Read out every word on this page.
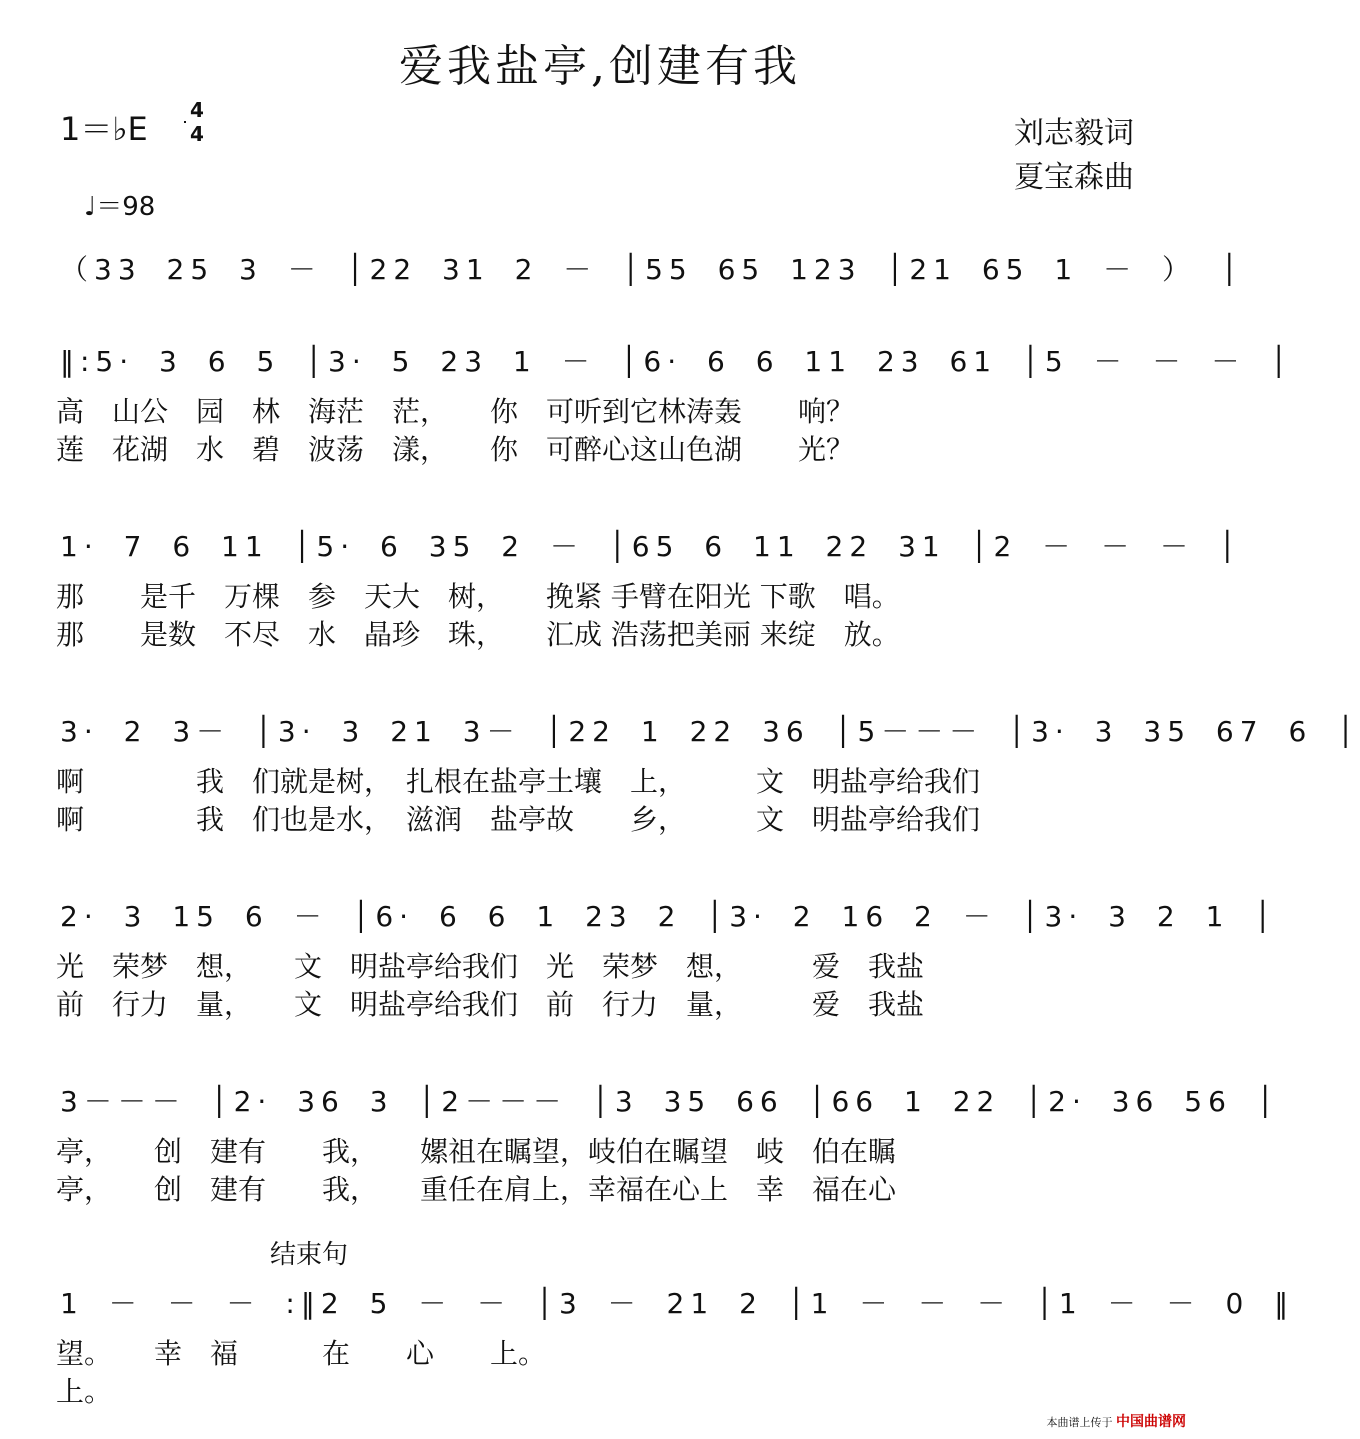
爱我盐亭,创建有我
1＝♭E	4
4	刘志毅词
夏宝森曲
♩＝98
（33 25 3 － │22 31 2 － │55 65 123 │21 65 1 － ） │
‖:5· 3 6 5 │3· 5 23 1 － │6· 6 6 11 23 61 │5 － － － │
高　山公　园　林　海茫　茫，　　你　可听到它林涛轰　　响？
莲　花湖　水　碧　波荡　漾，　　你　可醉心这山色湖　　光？
1· 7 6 11 │5· 6 35 2 － │65 6 11 22 31 │2 － － － │
那　　是千　万棵　参　天大　树，　　挽紧 手臂在阳光 下歌　唱。
那　　是数　不尽　水　晶珍　珠，　　汇成 浩荡把美丽 来绽　放。
3· 2 3－ │3· 3 21 3－ │22 1 22 36 │5－－－ │3· 3 35 67 6 │
啊　　　　我　们就是树，　扎根在盐亭土壤　上，　　　文　明盐亭给我们
啊　　　　我　们也是水，　滋润　盐亭故　　乡，　　　文　明盐亭给我们
2· 3 15 6 － │6· 6 6 1 23 2 │3· 2 16 2 － │3· 3 2 1 │
光　荣梦　想，　　文　明盐亭给我们　光　荣梦　想，　　　爱　我盐
前　行力　量，　　文　明盐亭给我们　前　行力　量，　　　爱　我盐
3－－－ │2· 36 3 │2－－－ │3 35 66 │66 1 22 │2· 36 56 │
亭，　　创　建有　　我，　　嫘祖在瞩望，岐伯在瞩望　岐　伯在瞩
亭，　　创　建有　　我，　　重任在肩上，幸福在心上　幸　福在心
1 － － － :‖2 5 － － │3 － 21 2 │1 － － － │1 － － 0 ‖
望。　　幸　福　　　在　　心　　上。
上。
结束句
本曲谱上传于 中国曲谱网
